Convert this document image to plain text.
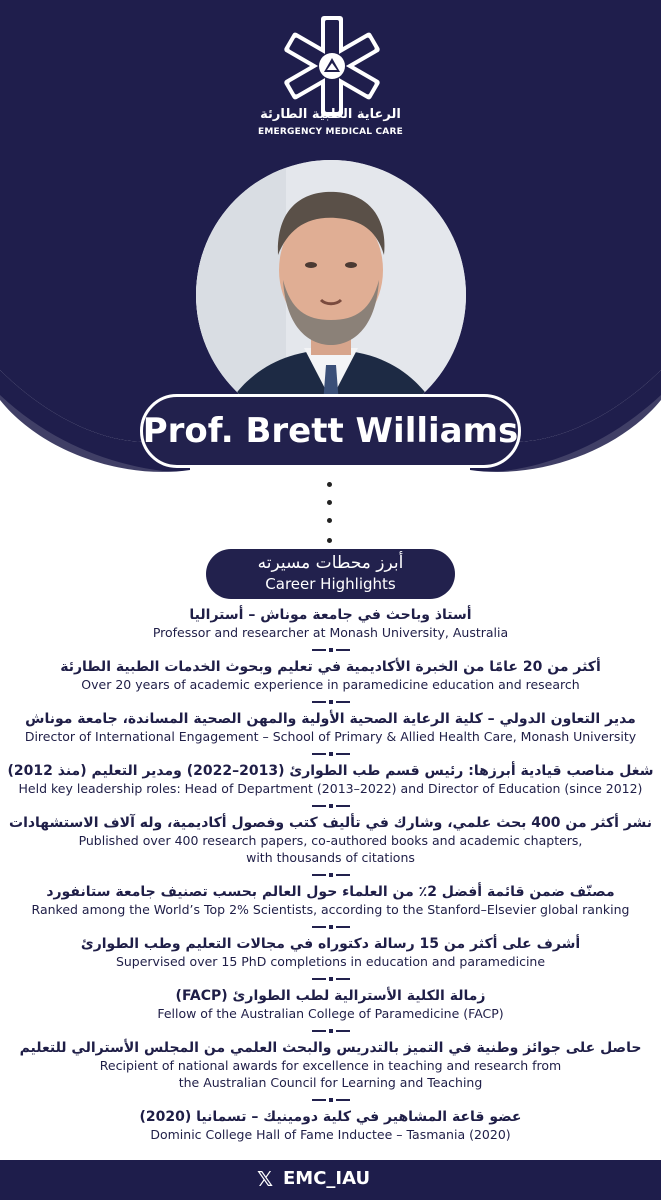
الرعاية الطبية الطارئة
EMERGENCY MEDICAL CARE
Prof. Brett Williams
أبرز محطات مسيرته
Career Highlights
أستاذ وباحث في جامعة موناش – أستراليا
Professor and researcher at Monash University, Australia
أكثر من 20 عامًا من الخبرة الأكاديمية في تعليم وبحوث الخدمات الطبية الطارئة
Over 20 years of academic experience in paramedicine education and research
مدير التعاون الدولي – كلية الرعاية الصحية الأولية والمهن الصحية المساندة، جامعة موناش
Director of International Engagement – School of Primary & Allied Health Care, Monash University
شغل مناصب قيادية أبرزها: رئيس قسم طب الطوارئ (2013–2022) ومدير التعليم (منذ 2012)
Held key leadership roles: Head of Department (2013–2022) and Director of Education (since 2012)
نشر أكثر من 400 بحث علمي، وشارك في تأليف كتب وفصول أكاديمية، وله آلاف الاستشهادات
Published over 400 research papers, co-authored books and academic chapters,
with thousands of citations
مصنّف ضمن قائمة أفضل 2٪ من العلماء حول العالم بحسب تصنيف جامعة ستانفورد
Ranked among the World’s Top 2% Scientists, according to the Stanford–Elsevier global ranking
أشرف على أكثر من 15 رسالة دكتوراه في مجالات التعليم وطب الطوارئ
Supervised over 15 PhD completions in education and paramedicine
زمالة الكلية الأسترالية لطب الطوارئ (FACP)
Fellow of the Australian College of Paramedicine (FACP)
حاصل على جوائز وطنية في التميز بالتدريس والبحث العلمي من المجلس الأسترالي للتعليم
Recipient of national awards for excellence in teaching and research from
the Australian Council for Learning and Teaching
عضو قاعة المشاهير في كلية دومينيك – تسمانيا (2020)
Dominic College Hall of Fame Inductee – Tasmania (2020)
𝕏 EMC_IAU
